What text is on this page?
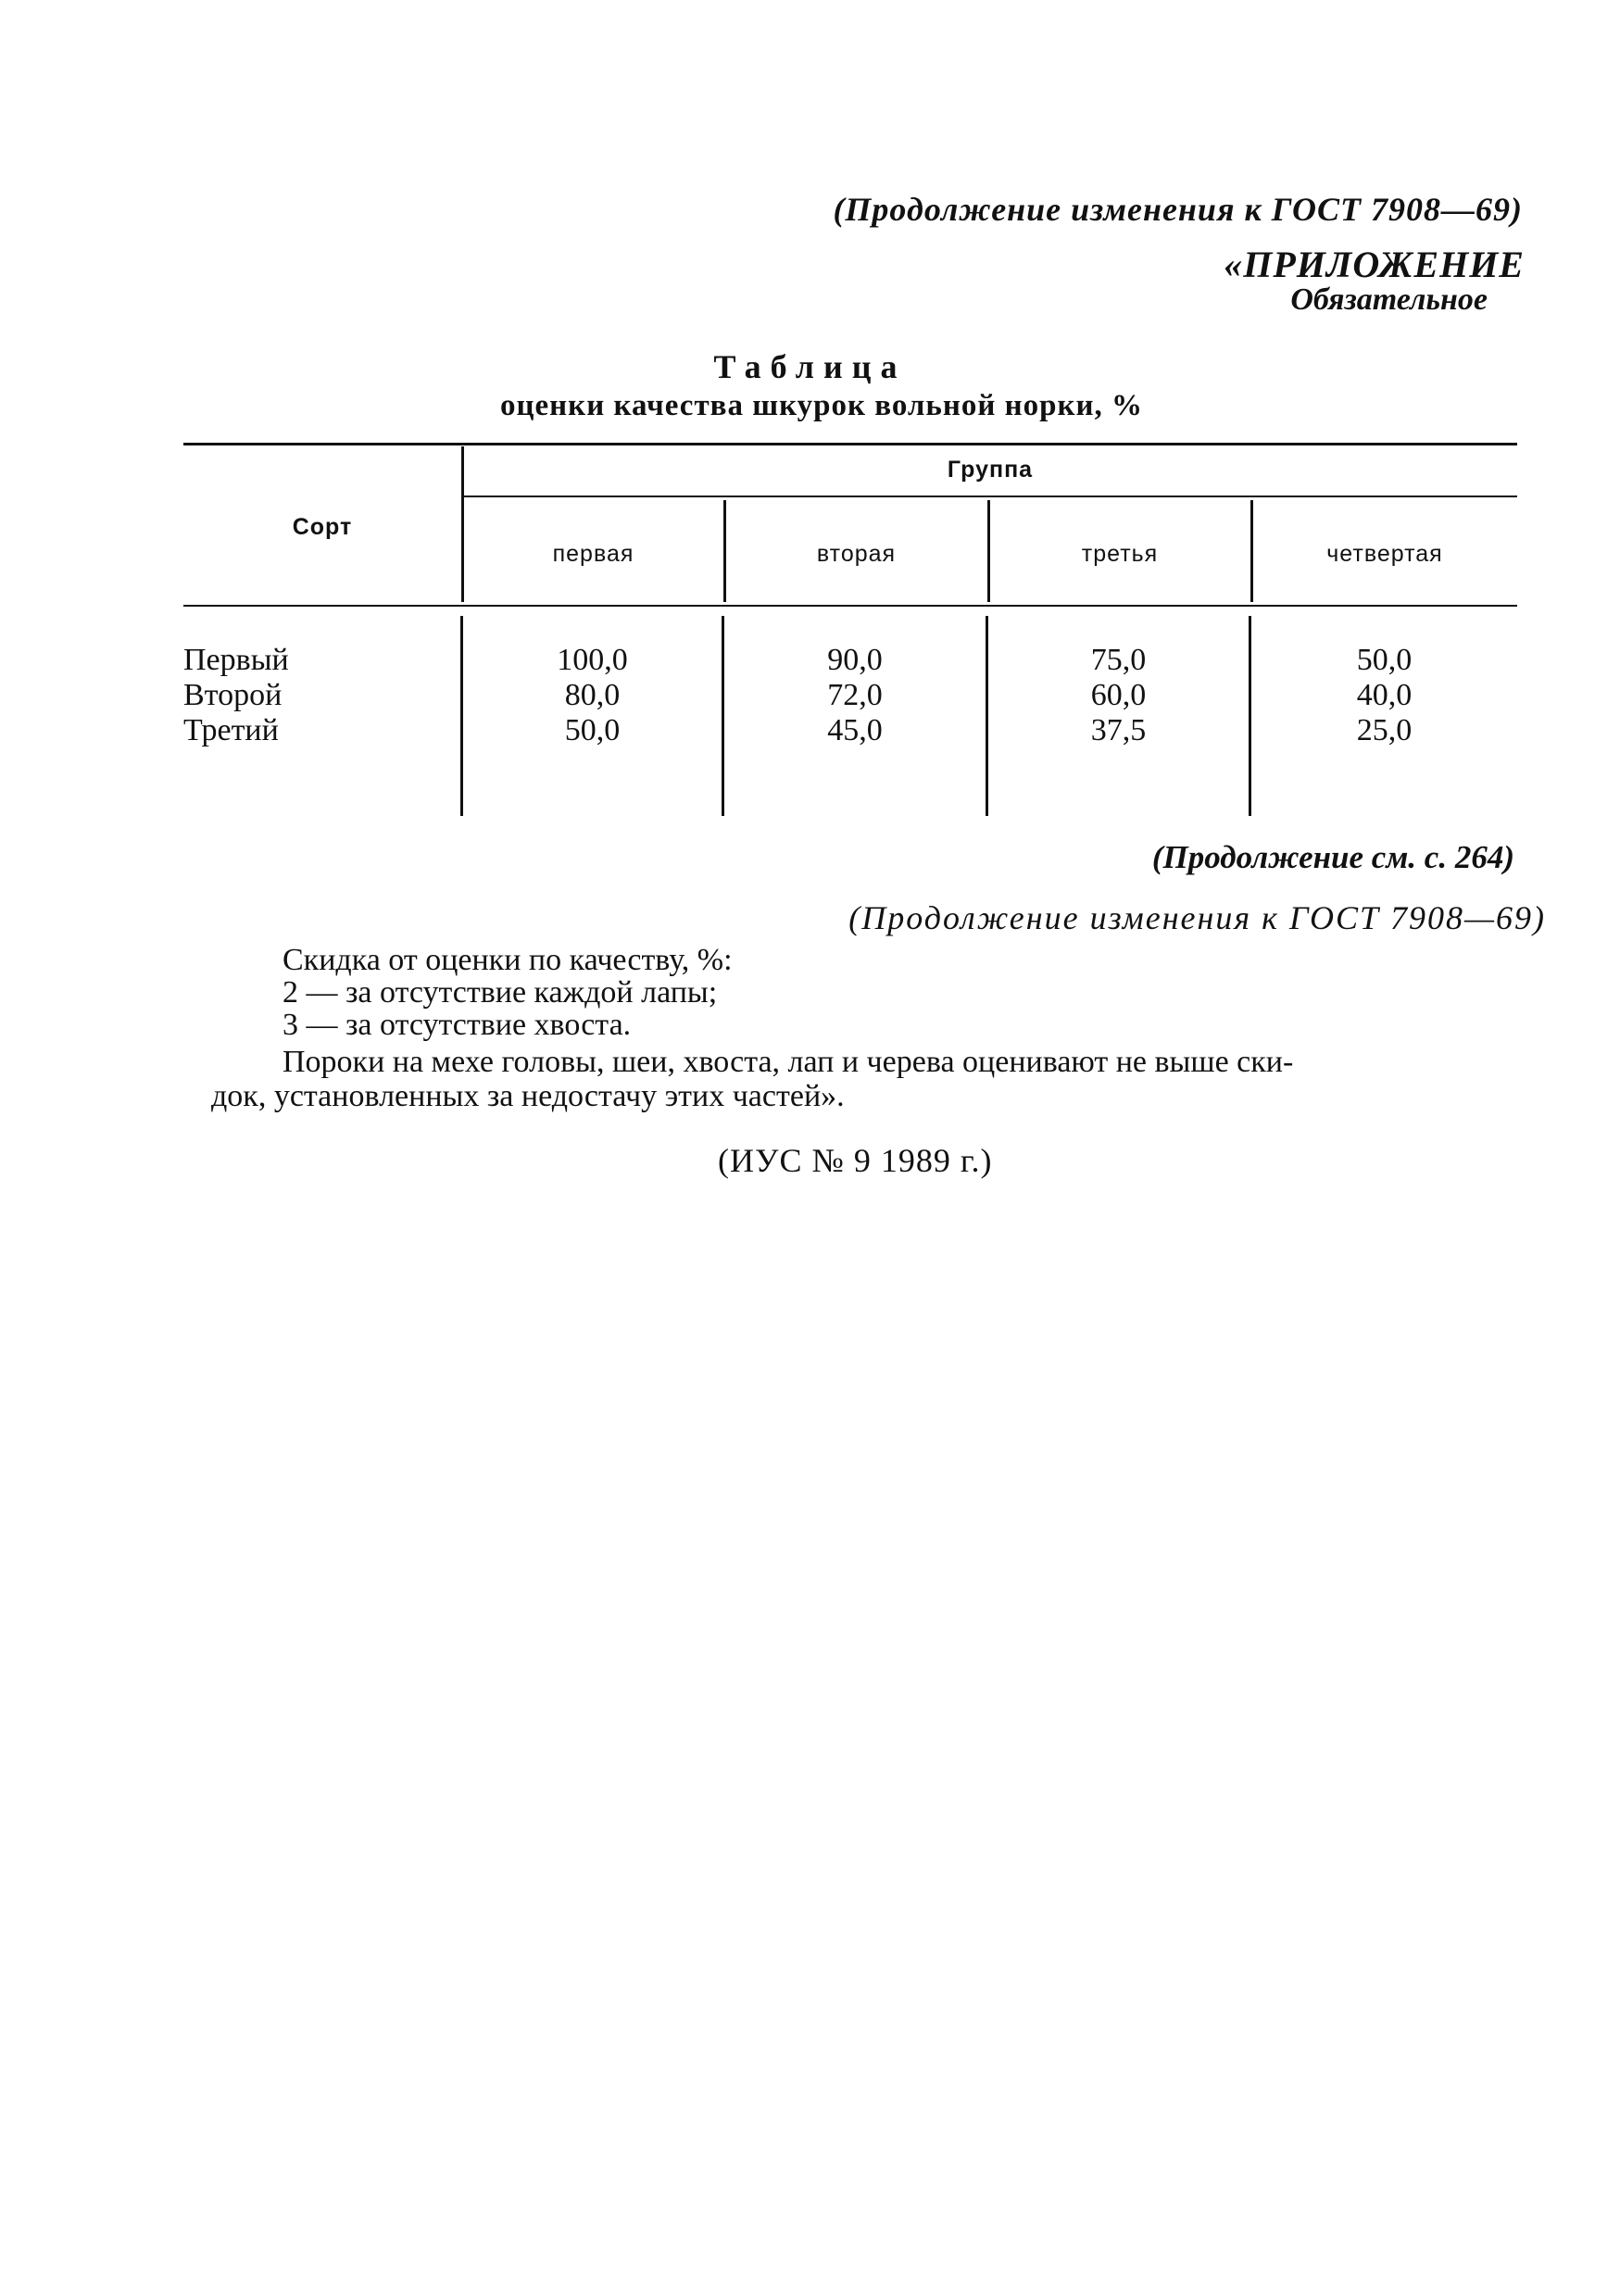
(Продолжение изменения к ГОСТ 7908—69)
«ПРИЛОЖЕНИЕ
Обязательное
Таблица
оценки качества шкурок вольной норки, %
Сорт
Группа
первая	вторая	третья	четвертая
Первый	100,0	90,0	75,0	50,0
Второй	80,0	72,0	60,0	40,0
Третий	50,0	45,0	37,5	25,0
(Продолжение см. с. 264)
(Продолжение изменения к ГОСТ 7908—69)
Скидка от оценки по качеству, %:
2 — за отсутствие каждой лапы;
3 — за отсутствие хвоста.
Пороки на мехе головы, шеи, хвоста, лап и черева оценивают не выше ски-
док, установленных за недостачу этих частей».
(ИУС № 9 1989 г.)
